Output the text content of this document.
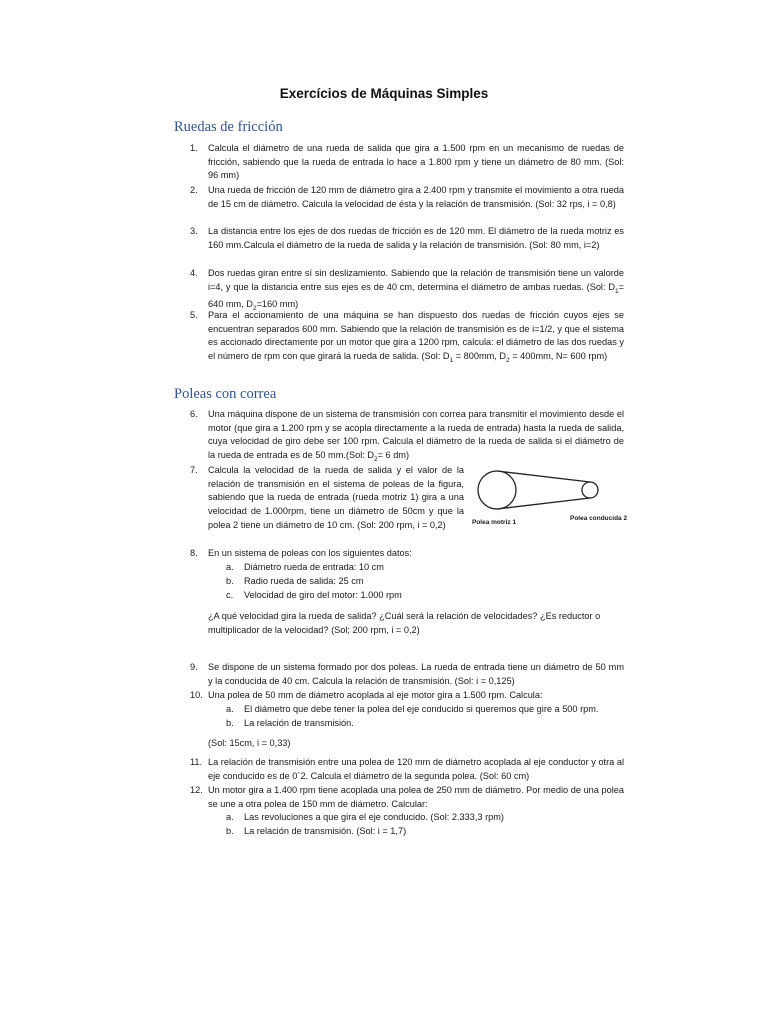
Exercícios de Máquinas Simples
Ruedas de fricción
1. Calcula el diámetro de una rueda de salida que gira a 1.500 rpm en un mecanismo de ruedas de fricción, sabiendo que la rueda de entrada lo hace a 1.800 rpm y tiene un diámetro de 80 mm. (Sol: 96 mm)
2. Una rueda de fricción de 120 mm de diámetro gira a 2.400 rpm y transmite el movimiento a otra rueda de 15 cm de diámetro. Calcula la velocidad de ésta y la relación de transmisión. (Sol: 32 rps, i = 0,8)
3. La distancia entre los ejes de dos ruedas de fricción es de 120 mm. El diámetro de la rueda motriz es 160 mm.Calcula el diámetro de la rueda de salida y la relación de transmisión. (Sol: 80 mm, i=2)
4. Dos ruedas giran entre sí sin deslizamiento. Sabiendo que la relación de transmisión tiene un valorde i=4, y que la distancia entre sus ejes es de 40 cm, determina el diámetro de ambas ruedas. (Sol: $D_1= 640$ mm, $D_2=160$ mm)
5. Para el accionamiento de una máquina se han dispuesto dos ruedas de fricción cuyos ejes se encuentran separados 600 mm. Sabiendo que la relación de transmisión es de i=1/2, y que el sistema es accionado directamente por un motor que gira a 1200 rpm, calcula: el diámetro de las dos ruedas y el número de rpm con que girará la rueda de salida. (Sol: $D_1 = 800mm$, $D_2 = 400mm$, N= 600 rpm)
Poleas con correa
6. Una máquina dispone de un sistema de transmisión con correa para transmitir el movimiento desde el motor (que gira a 1.200 rpm y se acopla directamente a la rueda de entrada) hasta la rueda de salida, cuya velocidad de giro debe ser 100 rpm. Calcula el diámetro de la rueda de salida si el diámetro de la rueda de entrada es de 50 mm.(Sol: $D_2= 6$ dm)
7. Calcula la velocidad de la rueda de salida y el valor de la relación de transmisión en el sistema de poleas de la figura, sabiendo que la rueda de entrada (rueda motriz 1) gira a una velocidad de 1.000rpm, tiene un diámetro de 50cm y que la polea 2 tiene un diámetro de 10 cm. (Sol: 200 rpm, i = 0,2)	Polea motriz 1
Polea conducida 2
8. En un sistema de poleas con los siguientes datos:
a. Diámetro rueda de entrada: 10 cm
b. Radio rueda de salida: 25 cm
c. Velocidad de giro del motor: 1.000 rpm
¿A qué velocidad gira la rueda de salida? ¿Cuál será la relación de velocidades? ¿Es reductor o multiplicador de la velocidad? (Sol; 200 rpm, i = 0,2)
9. Se dispone de un sistema formado por dos poleas. La rueda de entrada tiene un diámetro de 50 mm y la conducida de 40 cm. Calcula la relación de transmisión. (Sol: i = 0,125)
10. Una polea de 50 mm de diámetro acoplada al eje motor gira a 1.500 rpm. Calcula:
a. El diámetro que debe tener la polea del eje conducido si queremos que gire a 500 rpm.
b. La relación de transmisión.
(Sol: 15cm, i = 0,33)
11. La relación de transmisión entre una polea de 120 mm de diámetro acoplada al eje conductor y otra al eje conducido es de 0´2. Calcula el diámetro de la segunda polea. (Sol: 60 cm)
12. Un motor gira a 1.400 rpm tiene acoplada una polea de 250 mm de diámetro. Por medio de una polea se une a otra polea de 150 mm de diámetro. Calcular:
a. Las revoluciones a que gira el eje conducido. (Sol: 2.333,3 rpm)
b. La relación de transmisión. (Sol: i = 1,7)
